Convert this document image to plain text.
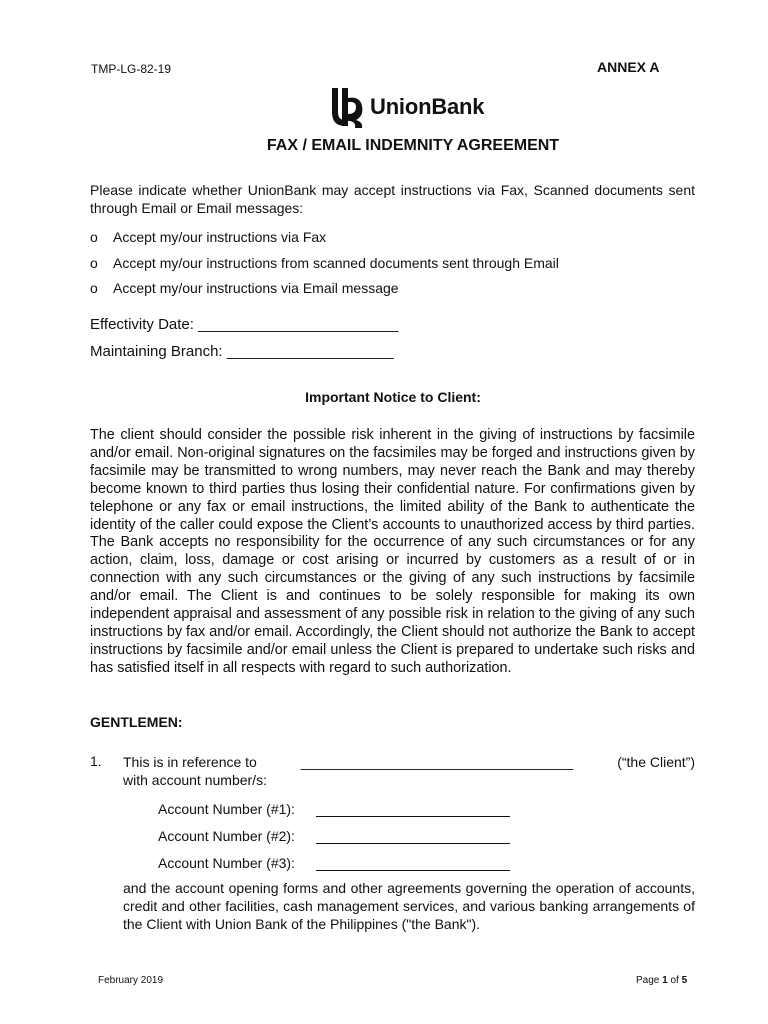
TMP-LG-82-19	ANNEX A
UnionBank
FAX / EMAIL INDEMNITY AGREEMENT
Please indicate whether UnionBank may accept instructions via Fax, Scanned documents sent through Email or Email messages:
o	Accept my/our instructions via Fax
o	Accept my/our instructions from scanned documents sent through Email
o	Accept my/our instructions via Email message
Effectivity Date: ________________________
Maintaining Branch: ____________________
Important Notice to Client:
The client should consider the possible risk inherent in the giving of instructions by facsimile and/or email. Non-original signatures on the facsimiles may be forged and instructions given by facsimile may be transmitted to wrong numbers, may never reach the Bank and may thereby become known to third parties thus losing their confidential nature. For confirmations given by telephone or any fax or email instructions, the limited ability of the Bank to authenticate the identity of the caller could expose the Client’s accounts to unauthorized access by third parties. The Bank accepts no responsibility for the occurrence of any such circumstances or for any action, claim, loss, damage or cost arising or incurred by customers as a result of or in connection with any such circumstances or the giving of any such instructions by facsimile and/or email. The Client is and continues to be solely responsible for making its own independent appraisal and assessment of any possible risk in relation to the giving of any such instructions by fax and/or email. Accordingly, the Client should not authorize the Bank to accept instructions by facsimile and/or email unless the Client is prepared to undertake such risks and has satisfied itself in all respects with regard to such authorization.
GENTLEMEN:
1. This is in reference to	___________________________________	(“the Client”)
with account number/s:
Account Number (#1):
Account Number (#2):
Account Number (#3):
and the account opening forms and other agreements governing the operation of accounts, credit and other facilities, cash management services, and various banking arrangements of the Client with Union Bank of the Philippines ("the Bank").
February 2019	Page 1 of 5
